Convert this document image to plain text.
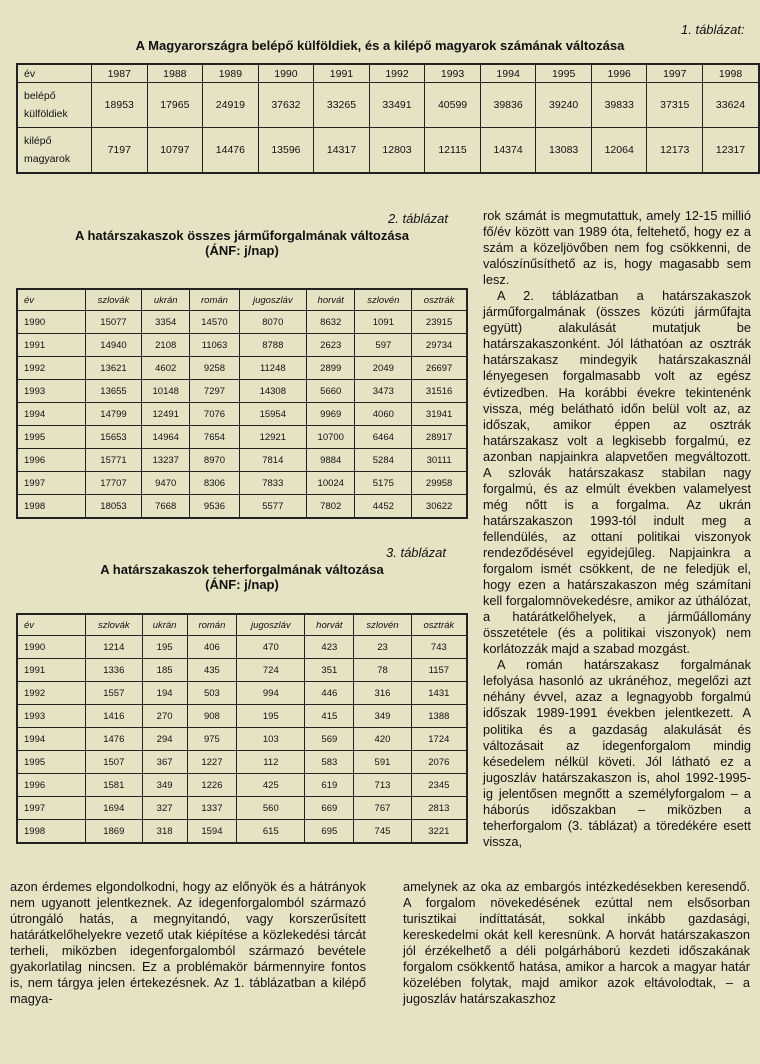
1. táblázat:
A Magyarországra belépő külföldiek, és a kilépő magyarok számának változása
év	1987	1988	1989	1990	1991	1992	1993	1994	1995	1996	1997	1998

belépő
külföldiek	18953	17965	24919	37632	33265	33491	40599	39836	39240	39833	37315	33624

kilépő
magyarok	7197	10797	14476	13596	14317	12803	12115	14374	13083	12064	12173	12317
2. táblázat
A határszakaszok összes járműforgalmának változása
(ÁNF: j/nap)
év	szlovák	ukrán	román	jugoszláv	horvát	szlovén	osztrák
1990	15077	3354	14570	8070	8632	1091	23915
1991	14940	2108	11063	8788	2623	597	29734
1992	13621	4602	9258	11248	2899	2049	26697
1993	13655	10148	7297	14308	5660	3473	31516
1994	14799	12491	7076	15954	9969	4060	31941
1995	15653	14964	7654	12921	10700	6464	28917
1996	15771	13237	8970	7814	9884	5284	30111
1997	17707	9470	8306	7833	10024	5175	29958
1998	18053	7668	9536	5577	7802	4452	30622
3. táblázat
A határszakaszok teherforgalmának változása
(ÁNF: j/nap)
év	szlovák	ukrán	román	jugoszláv	horvát	szlovén	osztrák
1990	1214	195	406	470	423	23	743
1991	1336	185	435	724	351	78	1157
1992	1557	194	503	994	446	316	1431
1993	1416	270	908	195	415	349	1388
1994	1476	294	975	103	569	420	1724
1995	1507	367	1227	112	583	591	2076
1996	1581	349	1226	425	619	713	2345
1997	1694	327	1337	560	669	767	2813
1998	1869	318	1594	615	695	745	3221

rok számát is megmutattuk, amely 12-15 millió fő/év között van 1989 óta, feltehető, hogy ez a szám a közeljövőben nem fog csökkenni, de valószínűsíthető az is, hogy magasabb sem lesz.

A 2. táblázatban a határszakaszok járműforgalmának (összes közúti járműfajta együtt) alakulását mutatjuk be határszakaszonként. Jól láthatóan az osztrák határszakasz mindegyik határszakasznál lényegesen forgalmasabb volt az egész évtizedben. Ha korábbi évekre tekintenénk vissza, még belátható időn belül volt az, az időszak, amikor éppen az osztrák határszakasz volt a legkisebb forgalmú, ez azonban napjainkra alapvetően megváltozott. A szlovák határszakasz stabilan nagy forgalmú, és az elmúlt években valamelyest még nőtt is a forgalma. Az ukrán határszakaszon 1993-tól indult meg a fellendülés, az ottani politikai viszonyok rendeződésével egyidejűleg. Napjainkra a forgalom ismét csökkent, de ne feledjük el, hogy ezen a határszakaszon még számítani kell forgalomnövekedésre, amikor az úthálózat, a határátkelőhelyek, a járműállomány összetétele (és a politikai viszonyok) nem korlátozzák majd a szabad mozgást.

A román határszakasz forgalmának lefolyása hasonló az ukránéhoz, megelőzi azt néhány évvel, azaz a legnagyobb forgalmú időszak 1989-1991 években jelentkezett. A politika és a gazdaság alakulását és változásait az idegenforgalom mindig késedelem nélkül követi. Jól látható ez a jugoszláv határszakaszon is, ahol 1992-1995-ig jelentősen megnőtt a személyforgalom – a háborús időszakban – miközben a teherforgalom (3. táblázat) a töredékére esett vissza,

azon érdemes elgondolkodni, hogy az előnyök és a hátrányok nem ugyanott jelentkeznek. Az idegenforgalomból származó útrongáló hatás, a megnyitandó, vagy korszerűsített határátkelőhelyekre vezető utak kiépítése a közlekedési tárcát terheli, miközben idegenforgalomból származó bevétele gyakorlatilag nincsen. Ez a problémakör bármennyire fontos is, nem tárgya jelen értekezésnek. Az 1. táblázatban a kilépő magya-

amelynek az oka az embargós intézkedésekben keresendő. A forgalom növekedésének ezúttal nem elsősorban turisztikai indíttatását, sokkal inkább gazdasági, kereskedelmi okát kell keresnünk. A horvát határszakaszon jól érzékelhető a déli polgárháború kezdeti időszakának forgalom csökkentő hatása, amikor a harcok a magyar határ közelében folytak, majd amikor azok eltávolodtak, – a jugoszláv határszakaszhoz
